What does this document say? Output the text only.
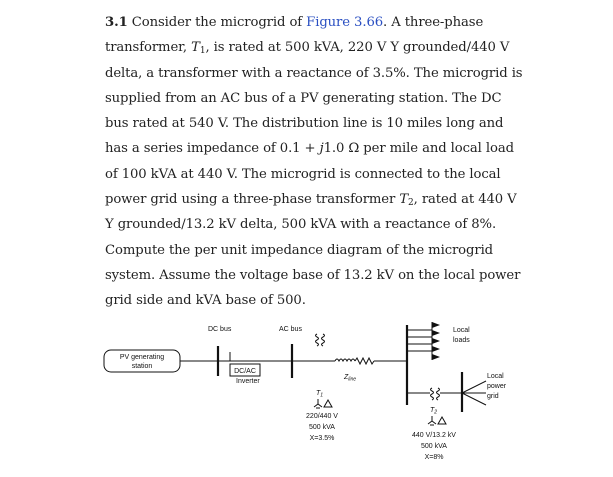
3.1 Consider the microgrid of Figure 3.66. A three-phase transformer, $T_1$, is rated at 500 kVA, 220 V Y grounded/440 V delta, a transformer with a reactance of 3.5%. The microgrid is supplied from an AC bus of a PV generating station. The DC bus rated at 540 V. The distribution line is 10 miles long and has a series impedance of 0.1 + j1.0 Ω per mile and local load of 100 kVA at 440 V. The microgrid is connected to the local power grid using a three-phase transformer $T_2$, rated at 440 V Y grounded/13.2 kV delta, 500 kVA with a reactance of 8%. Compute the per unit impedance diagram of the microgrid system. Assume the voltage base of 13.2 kV on the local power grid side and kVA base of 500.
PV generating
station
DC bus
DC/AC
Inverter
AC bus
$T_1$
220/440 V
500 kVA
X=3.5%
$Z_{line}$
Local
loads
Local
power
grid
$T_2$
440 V/13.2 kV
500 kVA
X=8%
